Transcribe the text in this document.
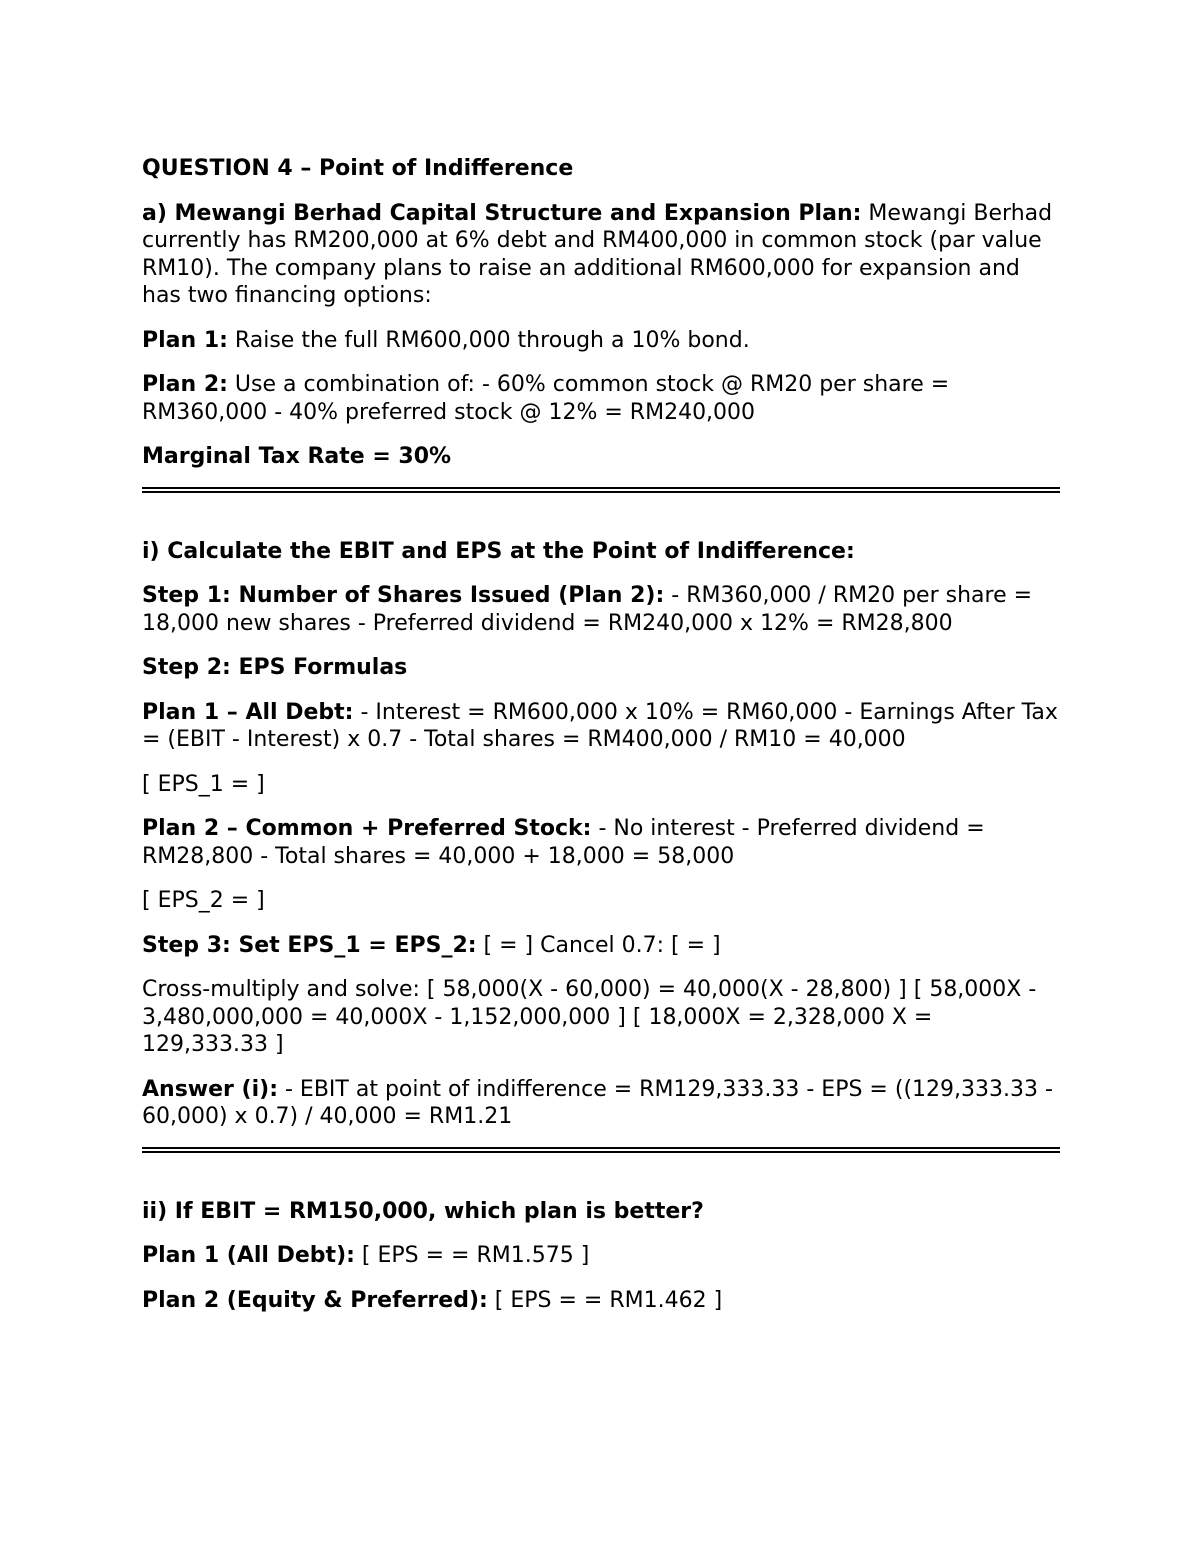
QUESTION 4 – Point of Indifference

a) Mewangi Berhad Capital Structure and Expansion Plan: Mewangi Berhad currently has RM200,000 at 6% debt and RM400,000 in common stock (par value RM10). The company plans to raise an additional RM600,000 for expansion and has two financing options:

Plan 1: Raise the full RM600,000 through a 10% bond.

Plan 2: Use a combination of: - 60% common stock @ RM20 per share = RM360,000 - 40% preferred stock @ 12% = RM240,000

Marginal Tax Rate = 30%

i) Calculate the EBIT and EPS at the Point of Indifference:

Step 1: Number of Shares Issued (Plan 2): - RM360,000 / RM20 per share = 18,000 new shares - Preferred dividend = RM240,000 x 12% = RM28,800

Step 2: EPS Formulas

Plan 1 – All Debt: - Interest = RM600,000 x 10% = RM60,000 - Earnings After Tax = (EBIT - Interest) x 0.7 - Total shares = RM400,000 / RM10 = 40,000

[ EPS_1 = ]

Plan 2 – Common + Preferred Stock: - No interest - Preferred dividend = RM28,800 - Total shares = 40,000 + 18,000 = 58,000

[ EPS_2 = ]

Step 3: Set EPS_1 = EPS_2: [ = ] Cancel 0.7: [ = ]

Cross-multiply and solve: [ 58,000(X - 60,000) = 40,000(X - 28,800) ] [ 58,000X - 3,480,000,000 = 40,000X - 1,152,000,000 ] [ 18,000X = 2,328,000 X = 129,333.33 ]

Answer (i): - EBIT at point of indifference = RM129,333.33 - EPS = ((129,333.33 - 60,000) x 0.7) / 40,000 = RM1.21

ii) If EBIT = RM150,000, which plan is better?

Plan 1 (All Debt): [ EPS = = RM1.575 ]

Plan 2 (Equity & Preferred): [ EPS = = RM1.462 ]
